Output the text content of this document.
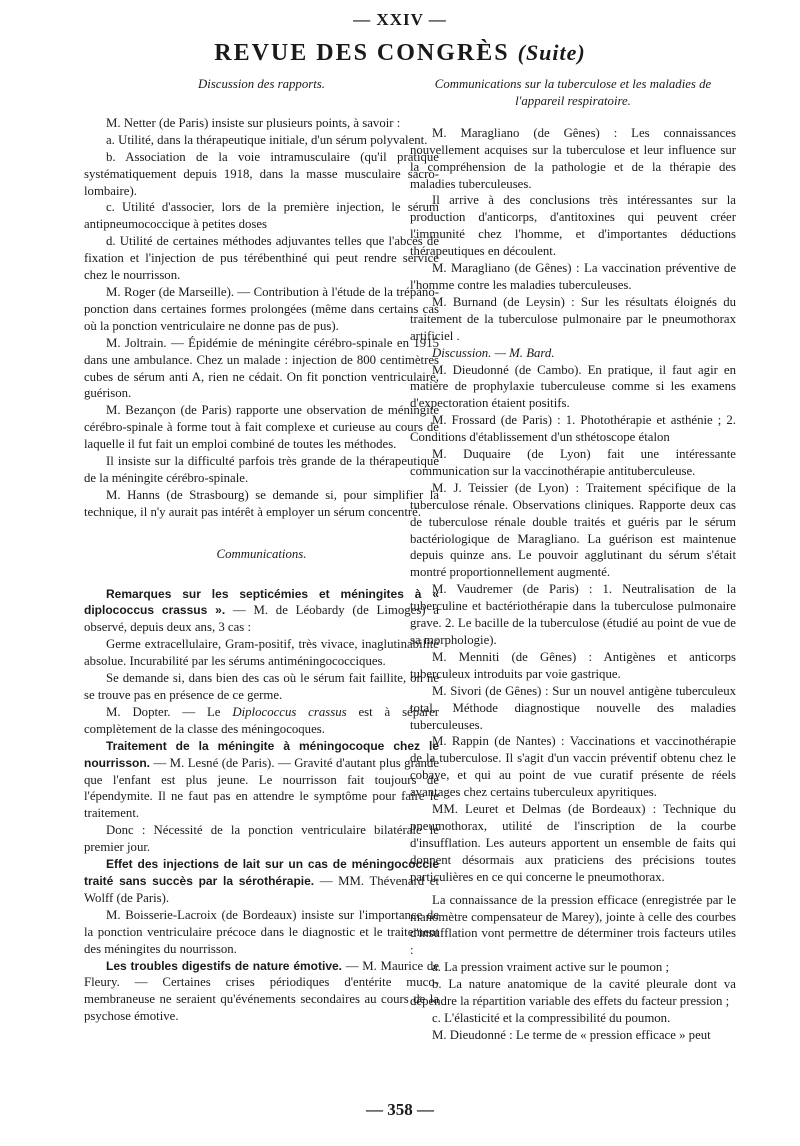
— XXIV —
REVUE DES CONGRÈS (Suite)
Discussion des rapports.

M. Netter (de Paris) insiste sur plusieurs points, à savoir :

a. Utilité, dans la thérapeutique initiale, d'un sérum polyvalent.

b. Association de la voie intramusculaire (qu'il pratique systématiquement depuis 1918, dans la masse musculaire sacro-lombaire).

c. Utilité d'associer, lors de la première injection, le sérum antipneumococcique à petites doses

d. Utilité de certaines méthodes adjuvantes telles que l'abcès de fixation et l'injection de pus térébenthiné qui peut rendre service chez le nourrisson.

M. Roger (de Marseille). — Contribution à l'étude de la trépano-ponction dans certaines formes prolongées (même dans certains cas où la ponction ventriculaire ne donne pas de pus).

M. Joltrain. — Épidémie de méningite cérébro-spinale en 1915 dans une ambulance. Chez un malade : injection de 800 centimètres cubes de sérum anti A, rien ne cédait. On fit ponction ventriculaire, guérison.

M. Bezançon (de Paris) rapporte une observation de méningite cérébro-spinale à forme tout à fait complexe et curieuse au cours de laquelle il fut fait un emploi combiné de toutes les méthodes.

Il insiste sur la difficulté parfois très grande de la thérapeutique de la méningite cérébro-spinale.

M. Hanns (de Strasbourg) se demande si, pour simplifier la technique, il n'y aurait pas intérêt à employer un sérum concentré.

Communications.

Remarques sur les septicémies et méningites à « diplococcus crassus ». — M. de Léobardy (de Limoges) a observé, depuis deux ans, 3 cas :

Germe extracellulaire, Gram-positif, très vivace, inaglutinabilité absolue. Incurabilité par les sérums antiméningococciques.

Se demande si, dans bien des cas où le sérum fait faillite, on ne se trouve pas en présence de ce germe.

M. Dopter. — Le Diplococcus crassus est à séparer complètement de la classe des méningocoques.

Traitement de la méningite à méningocoque chez le nourrisson. — M. Lesné (de Paris). — Gravité d'autant plus grande que l'enfant est plus jeune. Le nourrisson fait toujours de l'épendymite. Il ne faut pas en attendre le symptôme pour faire le traitement.

Donc : Nécessité de la ponction ventriculaire bilatérale le premier jour.

Effet des injections de lait sur un cas de méningococcie traité sans succès par la sérothérapie. — MM. Thévenard et Wolff (de Paris).

M. Boisserie-Lacroix (de Bordeaux) insiste sur l'importance de la ponction ventriculaire précoce dans le diagnostic et le traitement des méningites du nourrisson.

Les troubles digestifs de nature émotive. — M. Maurice de Fleury. — Certaines crises périodiques d'entérite muco-membraneuse ne seraient qu'événements secondaires au cours de la psychose émotive.

Communications sur la tuberculose et les maladies de l'appareil respiratoire.

M. Maragliano (de Gênes) : Les connaissances nouvellement acquises sur la tuberculose et leur influence sur la compréhension de la pathologie et de la thérapie des maladies tuberculeuses.

Il arrive à des conclusions très intéressantes sur la production d'anticorps, d'antitoxines qui peuvent créer l'immunité chez l'homme, et d'importantes déductions thérapeutiques en découlent.

M. Maragliano (de Gênes) : La vaccination préventive de l'homme contre les maladies tuberculeuses.

M. Burnand (de Leysin) : Sur les résultats éloignés du traitement de la tuberculose pulmonaire par le pneumothorax artificiel .

Discussion. — M. Bard.

M. Dieudonné (de Cambo). En pratique, il faut agir en matière de prophylaxie tuberculeuse comme si les examens d'expectoration étaient positifs.

M. Frossard (de Paris) : 1. Photothérapie et asthénie ; 2. Conditions d'établissement d'un sthétoscope étalon

M. Duquaire (de Lyon) fait une intéressante communication sur la vaccinothérapie antituberculeuse.

M. J. Teissier (de Lyon) : Traitement spécifique de la tuberculose rénale. Observations cliniques. Rapporte deux cas de tuberculose rénale double traités et guéris par le sérum bactériologique de Maragliano. La guérison est maintenue depuis quinze ans. Le pouvoir agglutinant du sérum s'était montré proportionnellement augmenté.

M. Vaudremer (de Paris) : 1. Neutralisation de la tuberculine et bactériothérapie dans la tuberculose pulmonaire grave. 2. Le bacille de la tuberculose (étudié au point de vue de sa morphologie).

M. Menniti (de Gênes) : Antigènes et anticorps tuberculeux introduits par voie gastrique.

M. Sivori (de Gênes) : Sur un nouvel antigène tuberculeux total. Méthode diagnostique nouvelle des maladies tuberculeuses.

M. Rappin (de Nantes) : Vaccinations et vaccinothérapie de la tuberculose. Il s'agit d'un vaccin préventif obtenu chez le cobaye, et qui au point de vue curatif présente de réels avantages chez certains tuberculeux apyritiques.

MM. Leuret et Delmas (de Bordeaux) : Technique du pneumothorax, utilité de l'inscription de la courbe d'insufflation. Les auteurs apportent un ensemble de faits qui donnent désormais aux praticiens des précisions toutes particulières en ce qui concerne le pneumothorax.

La connaissance de la pression efficace (enregistrée par le manomètre compensateur de Marey), jointe à celle des courbes d'insufflation vont permettre de déterminer trois facteurs utiles :

a. La pression vraiment active sur le poumon ;

b. La nature anatomique de la cavité pleurale dont va dépendre la répartition variable des effets du facteur pression ;

c. L'élasticité et la compressibilité du poumon.

M. Dieudonné : Le terme de « pression efficace » peut

— 358 —
